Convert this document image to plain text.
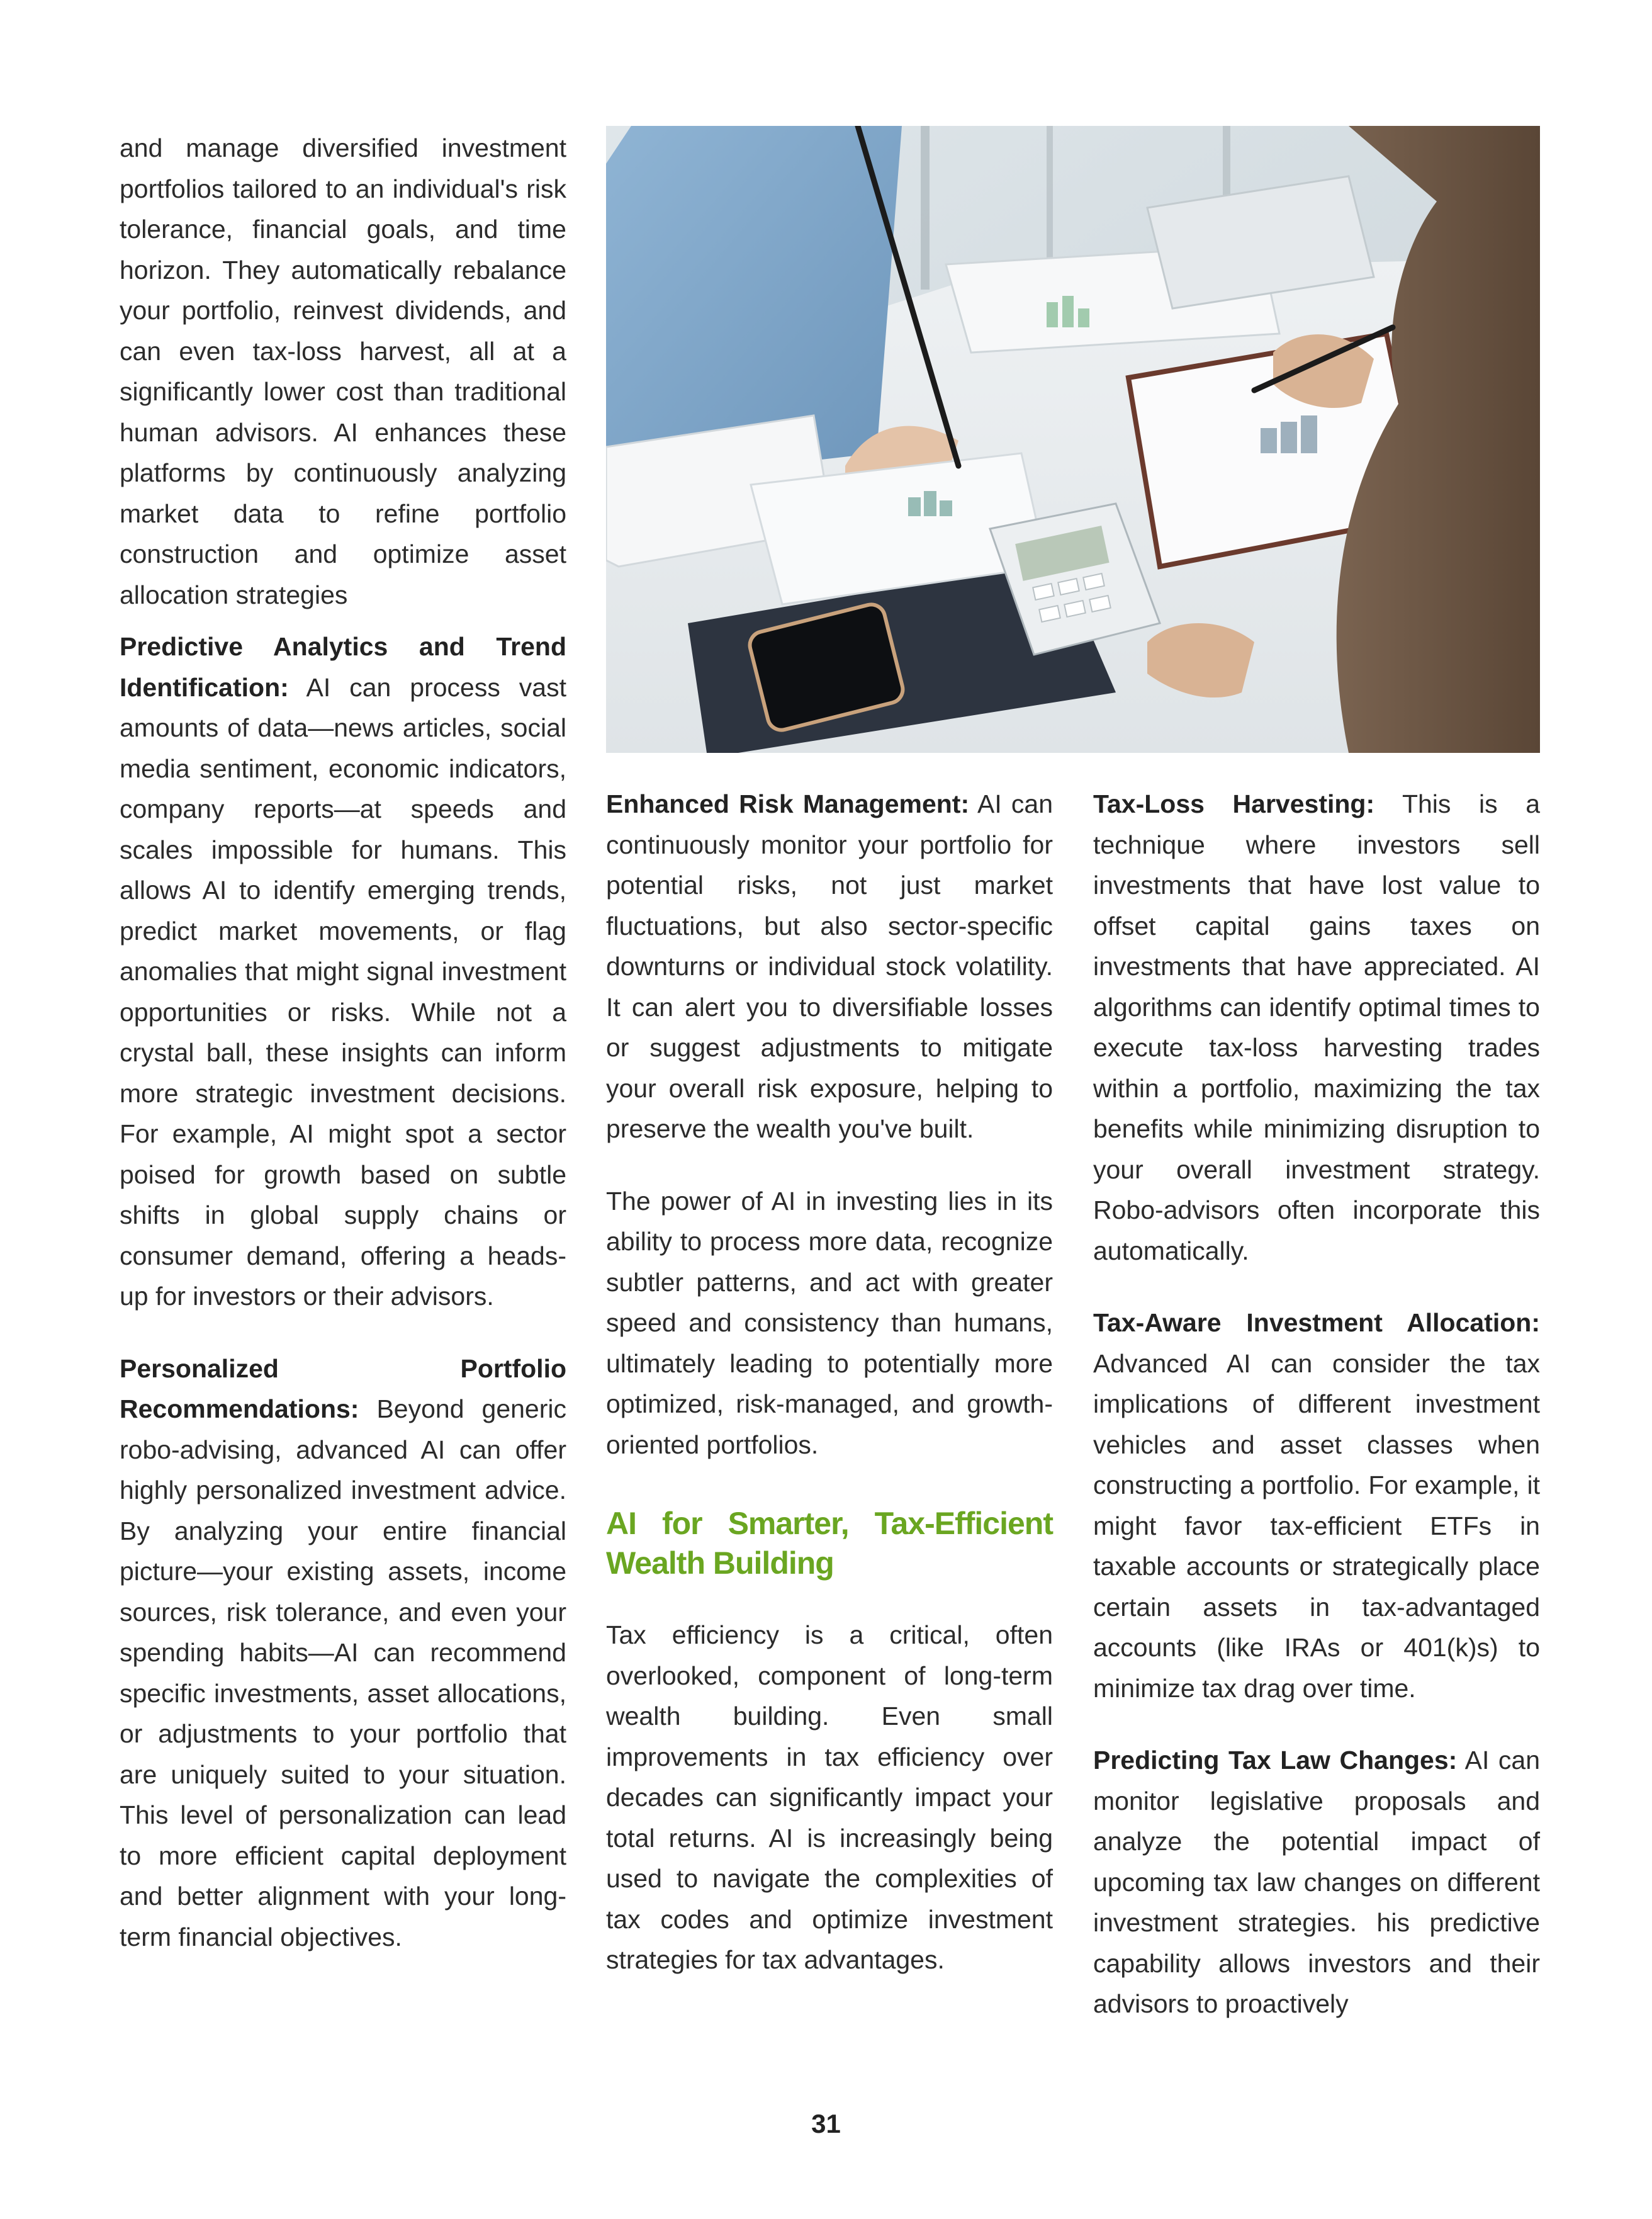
and manage diversified investment portfolios tailored to an individual's risk tolerance, financial goals, and time horizon. They automatically rebalance your portfolio, reinvest dividends, and can even tax-loss harvest, all at a significantly lower cost than traditional human advisors. AI enhances these platforms by continuously analyzing market data to refine portfolio construction and optimize asset allocation strategies

Predictive Analytics and Trend Identification: AI can process vast amounts of data—news articles, social media sentiment, economic indicators, company reports—at speeds and scales impossible for humans. This allows AI to identify emerging trends, predict market movements, or flag anomalies that might signal investment opportunities or risks. While not a crystal ball, these insights can inform more strategic investment decisions. For example, AI might spot a sector poised for growth based on subtle shifts in global supply chains or consumer demand, offering a heads-up for investors or their advisors.

Personalized Portfolio Recommendations: Beyond generic robo-advising, advanced AI can offer highly personalized investment advice. By analyzing your entire financial picture—your existing assets, income sources, risk tolerance, and even your spending habits—AI can recommend specific investments, asset allocations, or adjustments to your portfolio that are uniquely suited to your situation. This level of personalization can lead to more efficient capital deployment and better alignment with your long-term financial objectives.

Enhanced Risk Management: AI can continuously monitor your portfolio for potential risks, not just market fluctuations, but also sector-specific downturns or individual stock volatility. It can alert you to diversifiable losses or suggest adjustments to mitigate your overall risk exposure, helping to preserve the wealth you've built.

The power of AI in investing lies in its ability to process more data, recognize subtler patterns, and act with greater speed and consistency than humans, ultimately leading to potentially more optimized, risk-managed, and growth-oriented portfolios.

AI for Smarter, Tax-Efficient Wealth Building

Tax efficiency is a critical, often overlooked, component of long-term wealth building. Even small improvements in tax efficiency over decades can significantly impact your total returns. AI is increasingly being used to navigate the complexities of tax codes and optimize investment strategies for tax advantages.

Tax-Loss Harvesting: This is a technique where investors sell investments that have lost value to offset capital gains taxes on investments that have appreciated. AI algorithms can identify optimal times to execute tax-loss harvesting trades within a portfolio, maximizing the tax benefits while minimizing disruption to your overall investment strategy. Robo-advisors often incorporate this automatically.

Tax-Aware Investment Allocation: Advanced AI can consider the tax implications of different investment vehicles and asset classes when constructing a portfolio. For example, it might favor tax-efficient ETFs in taxable accounts or strategically place certain assets in tax-advantaged accounts (like IRAs or 401(k)s) to minimize tax drag over time.

Predicting Tax Law Changes: AI can monitor legislative proposals and analyze the potential impact of upcoming tax law changes on different investment strategies. his predictive capability allows investors and their advisors to proactively

31
